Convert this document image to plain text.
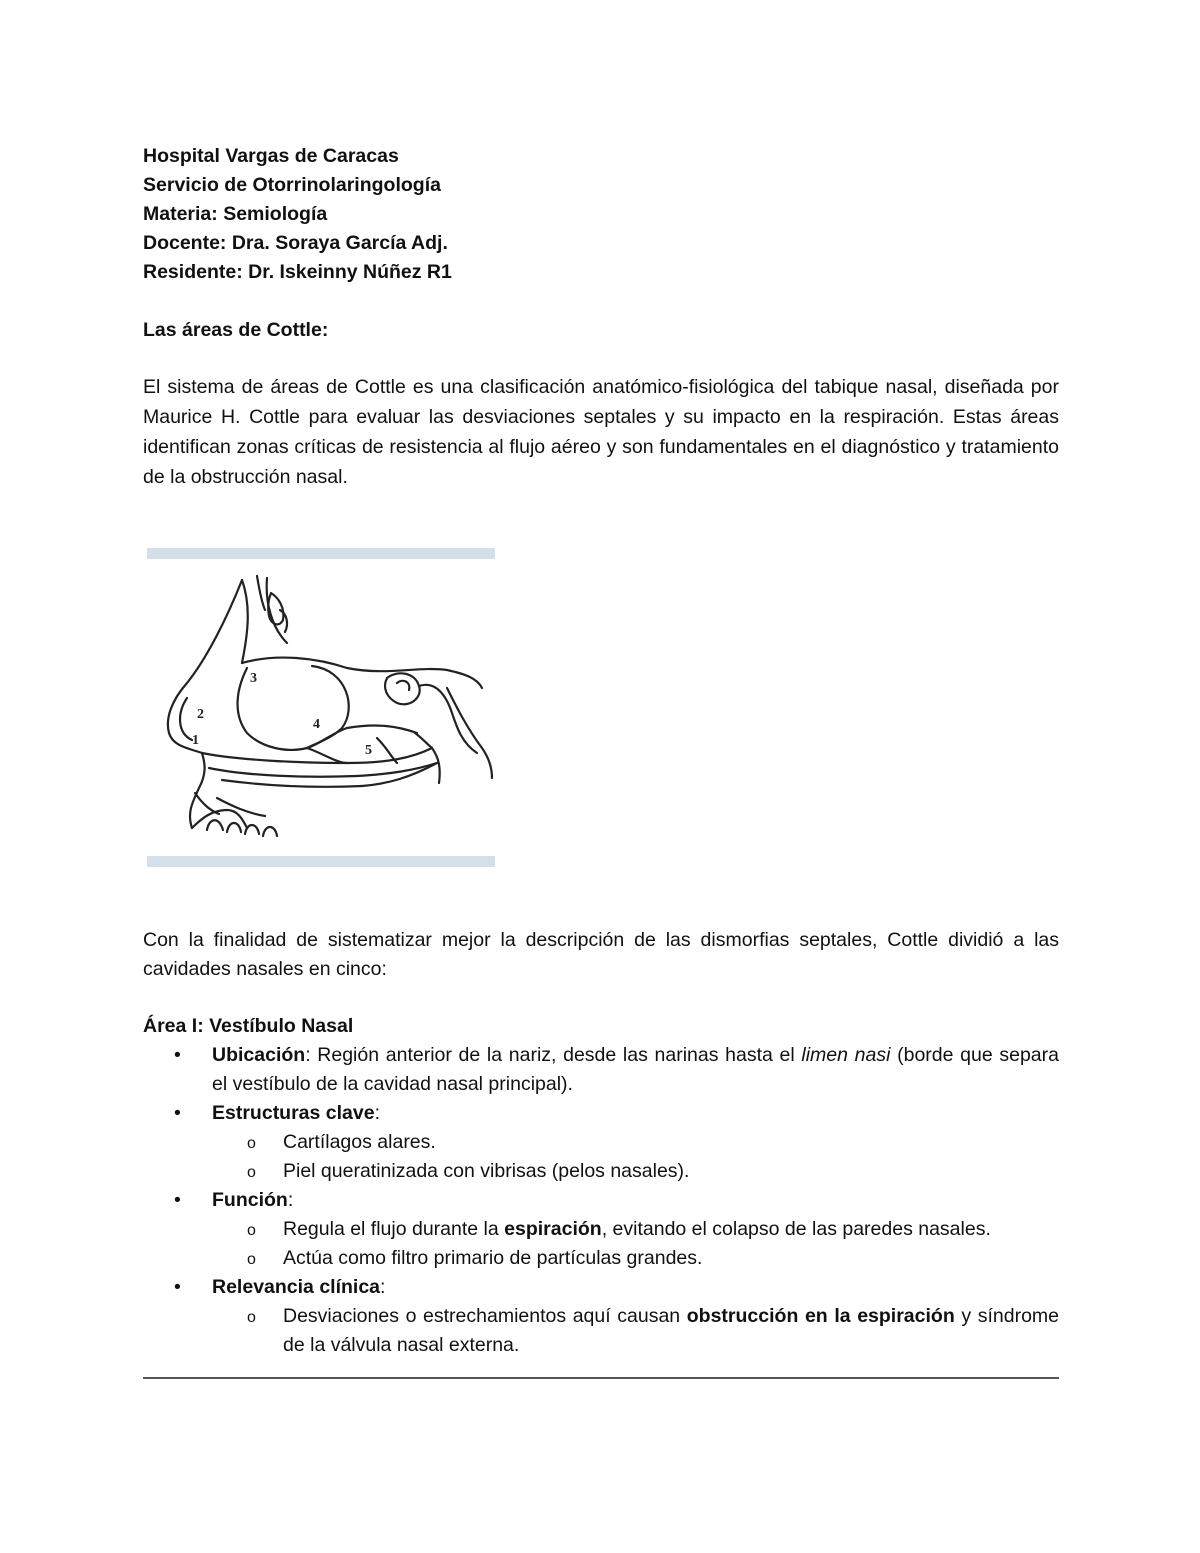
Hospital Vargas de Caracas
Servicio de Otorrinolaringología
Materia: Semiología
Docente: Dra. Soraya García Adj.
Residente: Dr. Iskeinny Núñez R1
Las áreas de Cottle:
El sistema de áreas de Cottle es una clasificación anatómico-fisiológica del tabique nasal, diseñada por Maurice H. Cottle para evaluar las desviaciones septales y su impacto en la respiración. Estas áreas identifican zonas críticas de resistencia al flujo aéreo y son fundamentales en el diagnóstico y tratamiento de la obstrucción nasal.
1
2
3
4
5
Con la finalidad de sistematizar mejor la descripción de las dismorfias septales, Cottle dividió a las cavidades nasales en cinco:
Área I: Vestíbulo Nasal
• Ubicación: Región anterior de la nariz, desde las narinas hasta el limen nasi (borde que separa el vestíbulo de la cavidad nasal principal).
• Estructuras clave:
o Cartílagos alares.
o Piel queratinizada con vibrisas (pelos nasales).
• Función:
o Regula el flujo durante la espiración, evitando el colapso de las paredes nasales.
o Actúa como filtro primario de partículas grandes.
• Relevancia clínica:
o Desviaciones o estrechamientos aquí causan obstrucción en la espiración y síndrome de la válvula nasal externa.
